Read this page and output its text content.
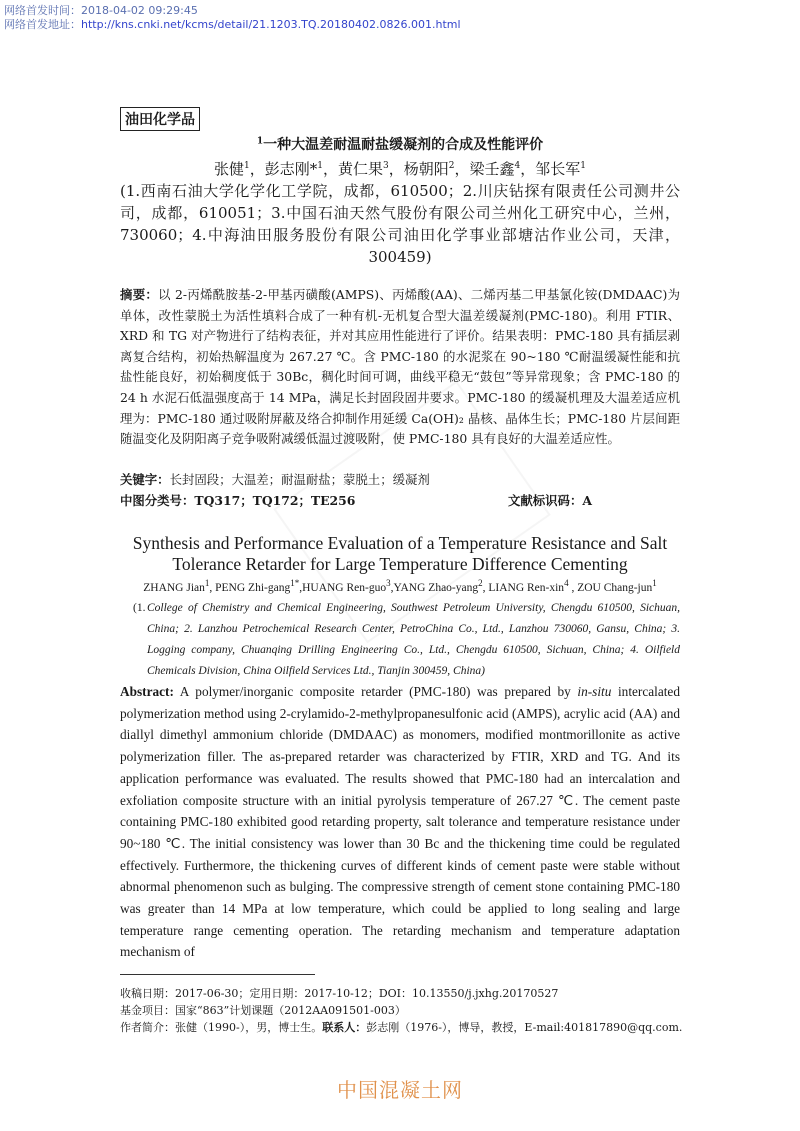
网络首发时间：2018-04-02 09:29:45
网络首发地址：http://kns.cnki.net/kcms/detail/21.1203.TQ.20180402.0826.001.html
油田化学品
$^1$一种大温差耐温耐盐缓凝剂的合成及性能评价
张健$^1$，彭志刚*$^1$，黄仁果$^3$，杨朝阳$^2$，梁壬鑫$^4$，邹长军$^1$
(1.西南石油大学化学化工学院，成都，610500；2.川庆钻探有限责任公司测井公司，成都，610051；3.中国石油天然气股份有限公司兰州化工研究中心，兰州，730060；4.中海油田服务股份有限公司油田化学事业部塘沽作业公司，天津，300459)
摘要：以 2-丙烯酰胺基-2-甲基丙磺酸(AMPS)、丙烯酸(AA)、二烯丙基二甲基氯化铵(DMDAAC)为单体，改性蒙脱土为活性填料合成了一种有机-无机复合型大温差缓凝剂(PMC-180)。利用 FTIR、XRD 和 TG 对产物进行了结构表征，并对其应用性能进行了评价。结果表明：PMC-180 具有插层剥离复合结构，初始热解温度为 267.27 ℃。含 PMC-180 的水泥浆在 90~180 ℃耐温缓凝性能和抗盐性能良好，初始稠度低于 30Bc，稠化时间可调，曲线平稳无“鼓包”等异常现象；含 PMC-180 的 24 h 水泥石低温强度高于 14 MPa，满足长封固段固井要求。PMC-180 的缓凝机理及大温差适应机理为：PMC-180 通过吸附屏蔽及络合抑制作用延缓 Ca(OH)₂ 晶核、晶体生长；PMC-180 片层间距随温变化及阴阳离子竞争吸附减缓低温过渡吸附，使 PMC-180 具有良好的大温差适应性。
关键字：长封固段；大温差；耐温耐盐；蒙脱土；缓凝剂
中图分类号：TQ317；TQ172；TE256	文献标识码：A
Synthesis and Performance Evaluation of a Temperature Resistance and Salt Tolerance Retarder for Large Temperature Difference Cementing
ZHANG Jian$^1$, PENG Zhi-gang$^{1*}$,HUANG Ren-guo$^3$,YANG Zhao-yang$^2$, LIANG Ren-xin$^4$ , ZOU Chang-jun$^1$
(1. College of Chemistry and Chemical Engineering, Southwest Petroleum University, Chengdu 610500, Sichuan, China; 2. Lanzhou Petrochemical Research Center, PetroChina Co., Ltd., Lanzhou 730060, Gansu, China; 3. Logging company, Chuanqing Drilling Engineering Co., Ltd., Chengdu 610500, Sichuan, China; 4. Oilfield Chemicals Division, China Oilfield Services Ltd., Tianjin 300459, China)
Abstract: A polymer/inorganic composite retarder (PMC-180) was prepared by in-situ intercalated polymerization method using 2-crylamido-2-methylpropanesulfonic acid (AMPS), acrylic acid (AA) and diallyl dimethyl ammonium chloride (DMDAAC) as monomers, modified montmorillonite as active polymerization filler. The as-prepared retarder was characterized by FTIR, XRD and TG. And its application performance was evaluated. The results showed that PMC-180 had an intercalation and exfoliation composite structure with an initial pyrolysis temperature of 267.27 ℃. The cement paste containing PMC-180 exhibited good retarding property, salt tolerance and temperature resistance under 90~180 ℃. The initial consistency was lower than 30 Bc and the thickening time could be regulated effectively. Furthermore, the thickening curves of different kinds of cement paste were stable without abnormal phenomenon such as bulging. The compressive strength of cement stone containing PMC-180 was greater than 14 MPa at low temperature, which could be applied to long sealing and large temperature range cementing operation. The retarding mechanism and temperature adaptation mechanism of
收稿日期：2017-06-30；定用日期：2017-10-12；DOI：10.13550/j.jxhg.20170527
基金项目：国家“863”计划课题（2012AA091501-003）
作者简介：张健（1990-），男，博士生。联系人：彭志刚（1976-），博导，教授，E-mail:401817890@qq.com.
中国混凝土网
